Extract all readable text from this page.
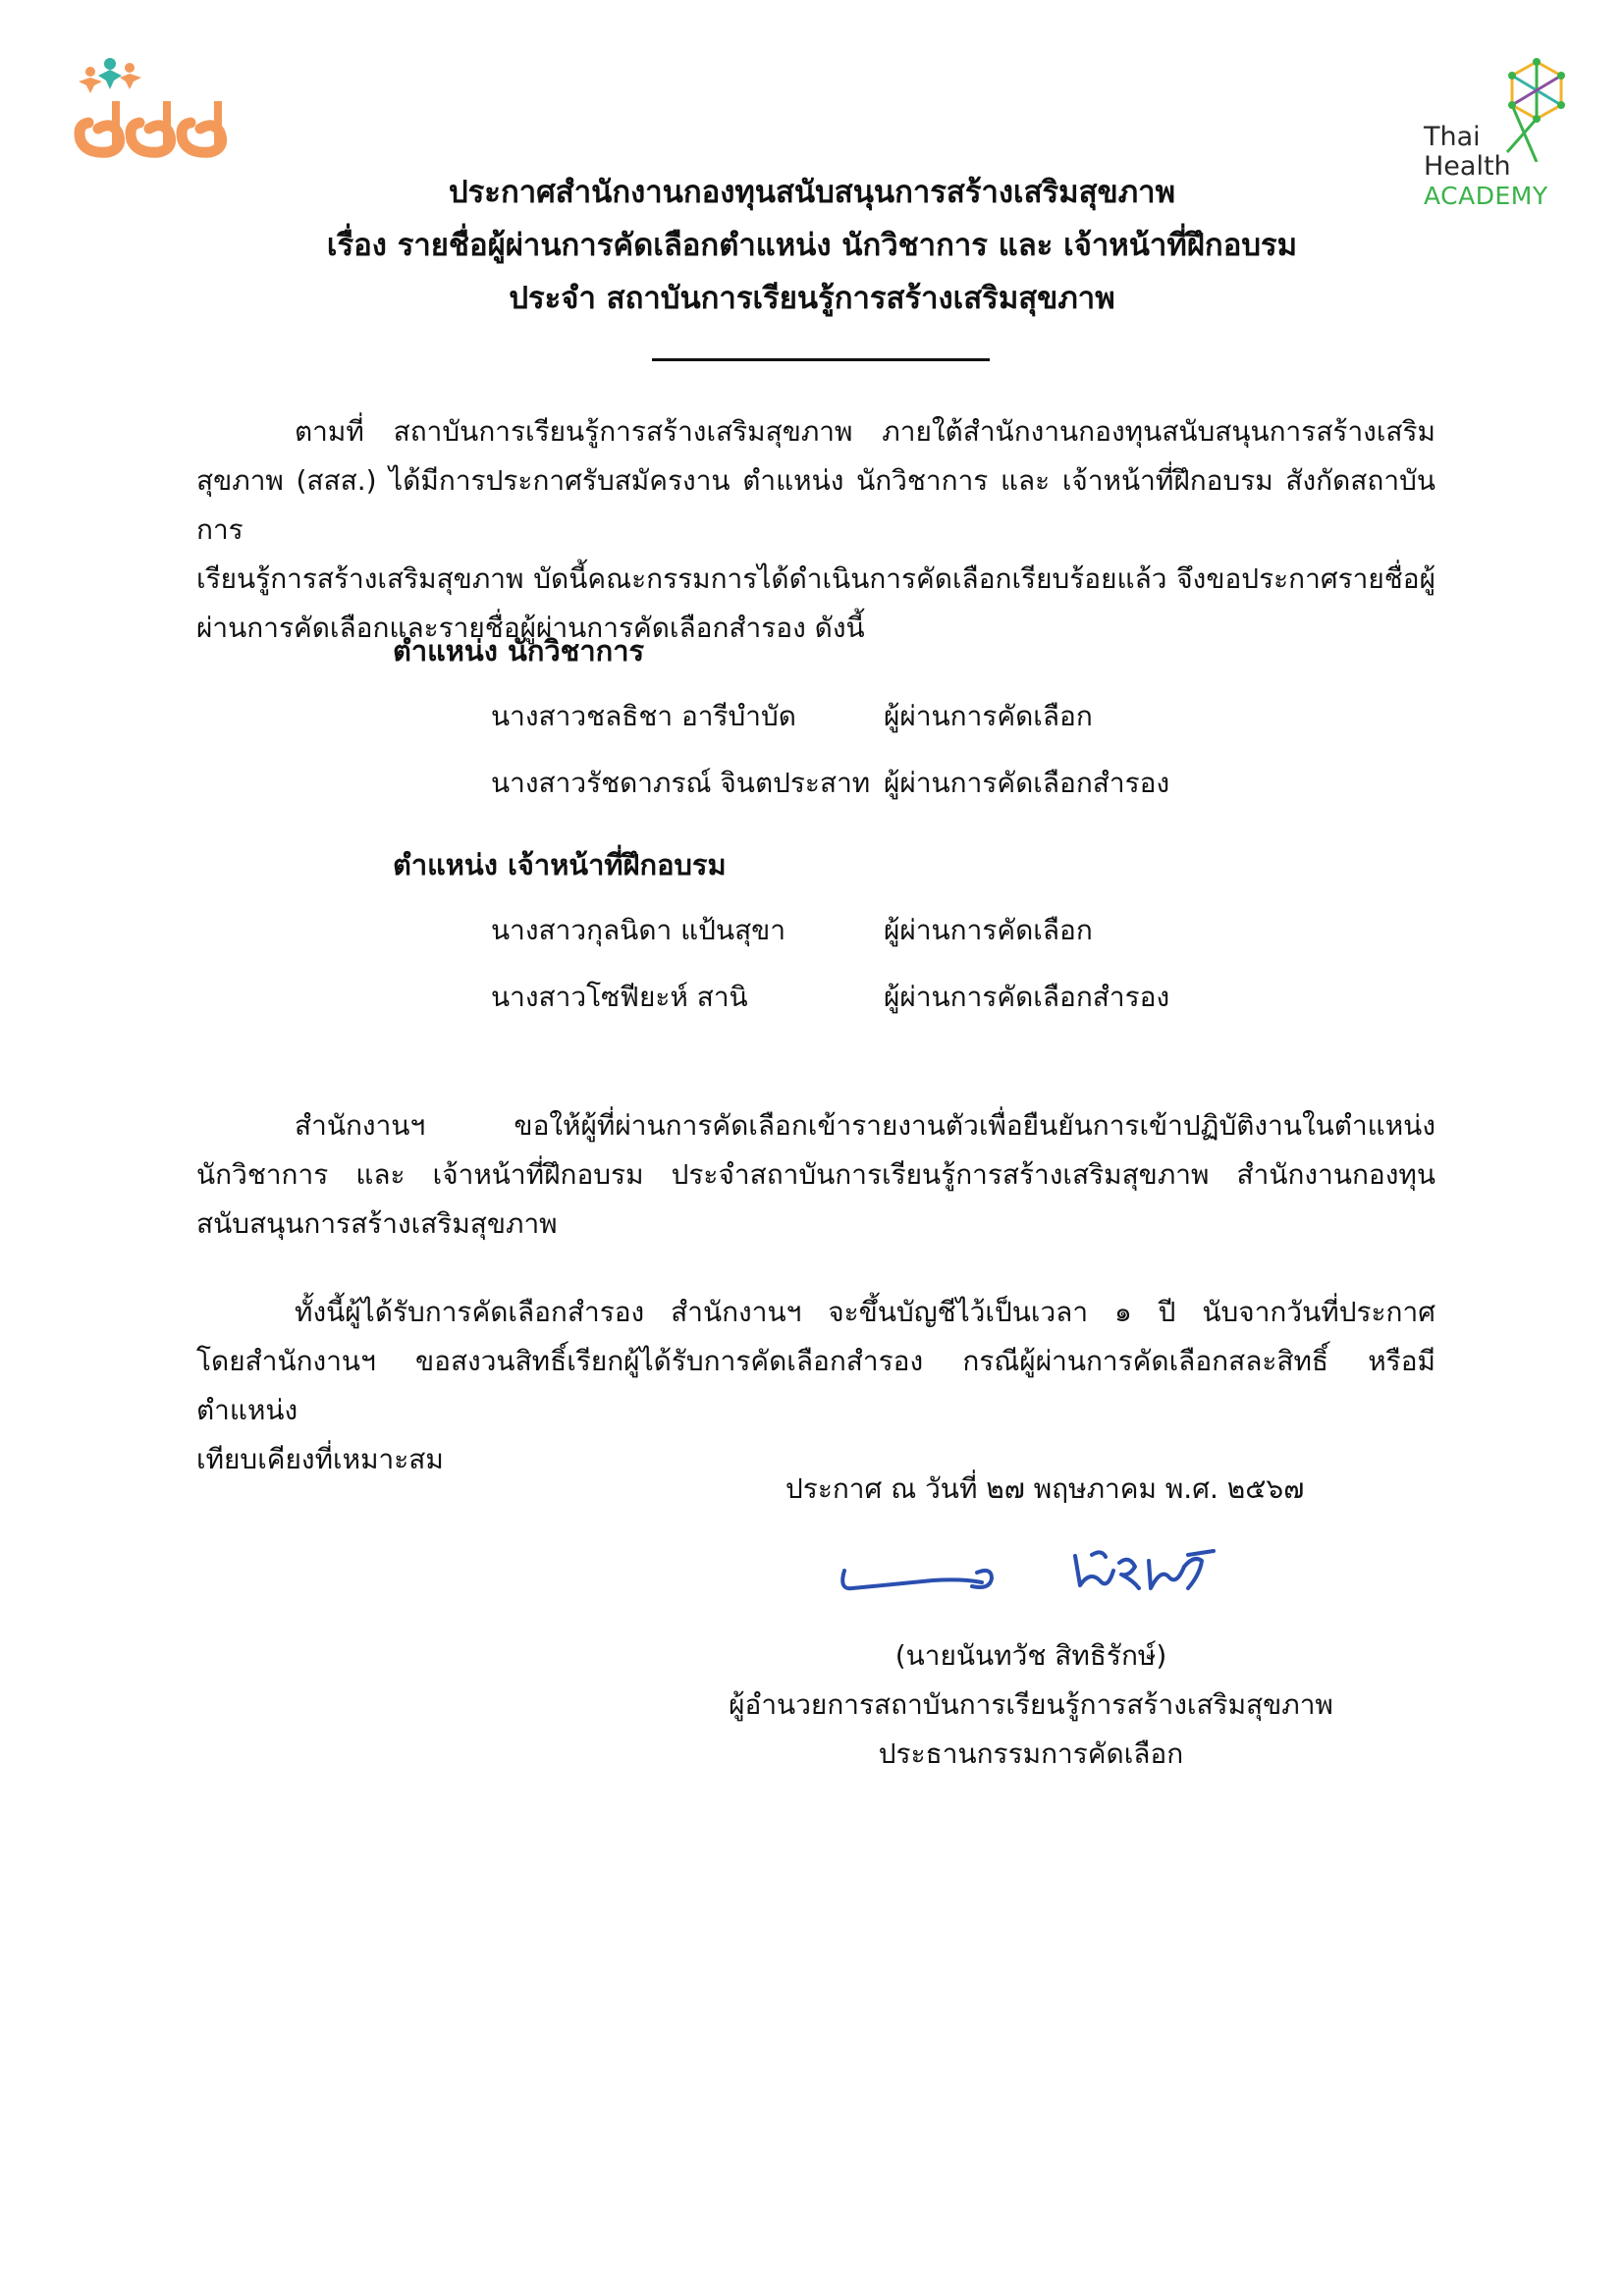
Thai
Health
ACADEMY
ประกาศสำนักงานกองทุนสนับสนุนการสร้างเสริมสุขภาพ
เรื่อง รายชื่อผู้ผ่านการคัดเลือกตำแหน่ง นักวิชาการ และ เจ้าหน้าที่ฝึกอบรม
ประจำ สถาบันการเรียนรู้การสร้างเสริมสุขภาพ
ตามที่ สถาบันการเรียนรู้การสร้างเสริมสุขภาพ ภายใต้สำนักงานกองทุนสนับสนุนการสร้างเสริม
สุขภาพ (สสส.) ได้มีการประกาศรับสมัครงาน ตำแหน่ง นักวิชาการ และ เจ้าหน้าที่ฝึกอบรม สังกัดสถาบันการ
เรียนรู้การสร้างเสริมสุขภาพ บัดนี้คณะกรรมการได้ดำเนินการคัดเลือกเรียบร้อยแล้ว จึงขอประกาศรายชื่อผู้
ผ่านการคัดเลือกและรายชื่อผู้ผ่านการคัดเลือกสำรอง ดังนี้
ตำแหน่ง นักวิชาการ
นางสาวชลธิชา อารีบำบัด	ผู้ผ่านการคัดเลือก
นางสาวรัชดาภรณ์ จินตประสาท ผู้ผ่านการคัดเลือกสำรอง
ตำแหน่ง เจ้าหน้าที่ฝึกอบรม
นางสาวกุลนิดา แป้นสุขา	ผู้ผ่านการคัดเลือก
นางสาวโซฟียะห์ สานิ	ผู้ผ่านการคัดเลือกสำรอง
สำนักงานฯ ขอให้ผู้ที่ผ่านการคัดเลือกเข้ารายงานตัวเพื่อยืนยันการเข้าปฏิบัติงานในตำแหน่ง
นักวิชาการ และ เจ้าหน้าที่ฝึกอบรม ประจำสถาบันการเรียนรู้การสร้างเสริมสุขภาพ สำนักงานกองทุน
สนับสนุนการสร้างเสริมสุขภาพ
ทั้งนี้ผู้ได้รับการคัดเลือกสำรอง สำนักงานฯ จะขึ้นบัญชีไว้เป็นเวลา ๑ ปี นับจากวันที่ประกาศ
โดยสำนักงานฯ ขอสงวนสิทธิ์เรียกผู้ได้รับการคัดเลือกสำรอง กรณีผู้ผ่านการคัดเลือกสละสิทธิ์ หรือมีตำแหน่ง
เทียบเคียงที่เหมาะสม
ประกาศ ณ วันที่ ๒๗ พฤษภาคม พ.ศ. ๒๕๖๗
(นายนันทวัช สิทธิรักษ์)
ผู้อำนวยการสถาบันการเรียนรู้การสร้างเสริมสุขภาพ
ประธานกรรมการคัดเลือก
